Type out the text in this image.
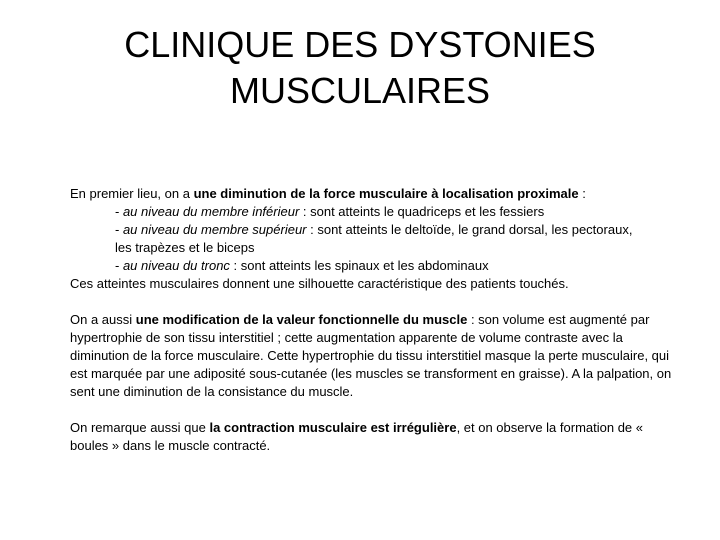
CLINIQUE DES DYSTONIES
MUSCULAIRES
En premier lieu, on a une diminution de la force musculaire à localisation proximale :
- au niveau du membre inférieur : sont atteints le quadriceps et les fessiers
- au niveau du membre supérieur : sont atteints le deltoïde, le grand dorsal, les pectoraux,
les trapèzes et le biceps
- au niveau du tronc : sont atteints les spinaux et les abdominaux
Ces atteintes musculaires donnent une silhouette caractéristique des patients touchés.

On a aussi une modification de la valeur fonctionnelle du muscle : son volume est augmenté par hypertrophie de son tissu interstitiel ; cette augmentation apparente de volume contraste avec la diminution de la force musculaire. Cette hypertrophie du tissu interstitiel masque la perte musculaire, qui est marquée par une adiposité sous-cutanée (les muscles se transforment en graisse). A la palpation, on sent une diminution de la consistance du muscle.

On remarque aussi que la contraction musculaire est irrégulière, et on observe la formation de « boules » dans le muscle contracté.
